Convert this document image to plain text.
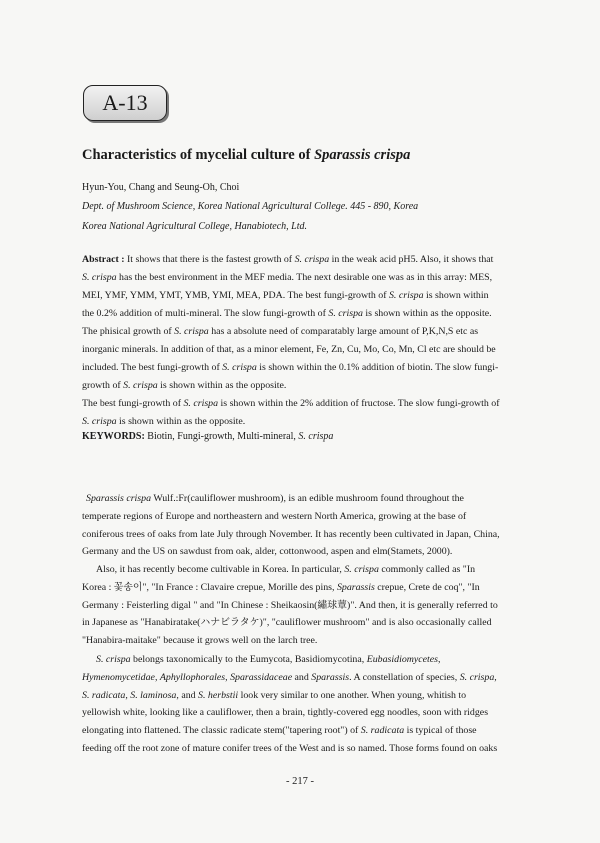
A-13
Characteristics of mycelial culture of Sparassis crispa
Hyun-You, Chang and Seung-Oh, Choi
Dept. of Mushroom Science, Korea National Agricultural College. 445 - 890, Korea
Korea National Agricultural College, Hanabiotech, Ltd.
Abstract : It shows that there is the fastest growth of S. crispa in the weak acid pH5. Also, it shows that
S. crispa has the best environment in the MEF media. The next desirable one was as in this array: MES,
MEI, YMF, YMM, YMT, YMB, YMI, MEA, PDA. The best fungi-growth of S. crispa is shown within
the 0.2% addition of multi-mineral. The slow fungi-growth of S. crispa is shown within as the opposite.
The phisical growth of S. crispa has a absolute need of comparatably large amount of P,K,N,S etc as
inorganic minerals. In addition of that, as a minor element, Fe, Zn, Cu, Mo, Co, Mn, Cl etc are should be
included. The best fungi-growth of S. crispa is shown within the 0.1% addition of biotin. The slow fungi-
growth of S. crispa is shown within as the opposite.
The best fungi-growth of S. crispa is shown within the 2% addition of fructose. The slow fungi-growth of
S. crispa is shown within as the opposite.
KEYWORDS: Biotin, Fungi-growth, Multi-mineral, S. crispa
Sparassis crispa Wulf.:Fr(cauliflower mushroom), is an edible mushroom found throughout the
temperate regions of Europe and northeastern and western North America, growing at the base of
coniferous trees of oaks from late July through November. It has recently been cultivated in Japan, China,
Germany and the US on sawdust from oak, alder, cottonwood, aspen and elm(Stamets, 2000).
Also, it has recently become cultivable in Korea. In particular, S. crispa commonly called as "In
Korea : 꽃송이", "In France : Clavaire crepue, Morille des pins, Sparassis crepue, Crete de coq", "In
Germany : Feisterling digal " and "In Chinese : Sheikaosin(繡球蕈)". And then, it is generally referred to
in Japanese as "Hanabiratake(ハナビラタケ)", "cauliflower mushroom" and is also occasionally called
"Hanabira-maitake" because it grows well on the larch tree.
S. crispa belongs taxonomically to the Eumycota, Basidiomycotina, Eubasidiomycetes,
Hymenomycetidae, Aphyllophorales, Sparassidaceae and Sparassis. A constellation of species, S. crispa,
S. radicata, S. laminosa, and S. herbstii look very similar to one another. When young, whitish to
yellowish white, looking like a cauliflower, then a brain, tightly-covered egg noodles, soon with ridges
elongating into flattened. The classic radicate stem("tapering root") of S. radicata is typical of those
feeding off the root zone of mature conifer trees of the West and is so named. Those forms found on oaks
- 217 -
